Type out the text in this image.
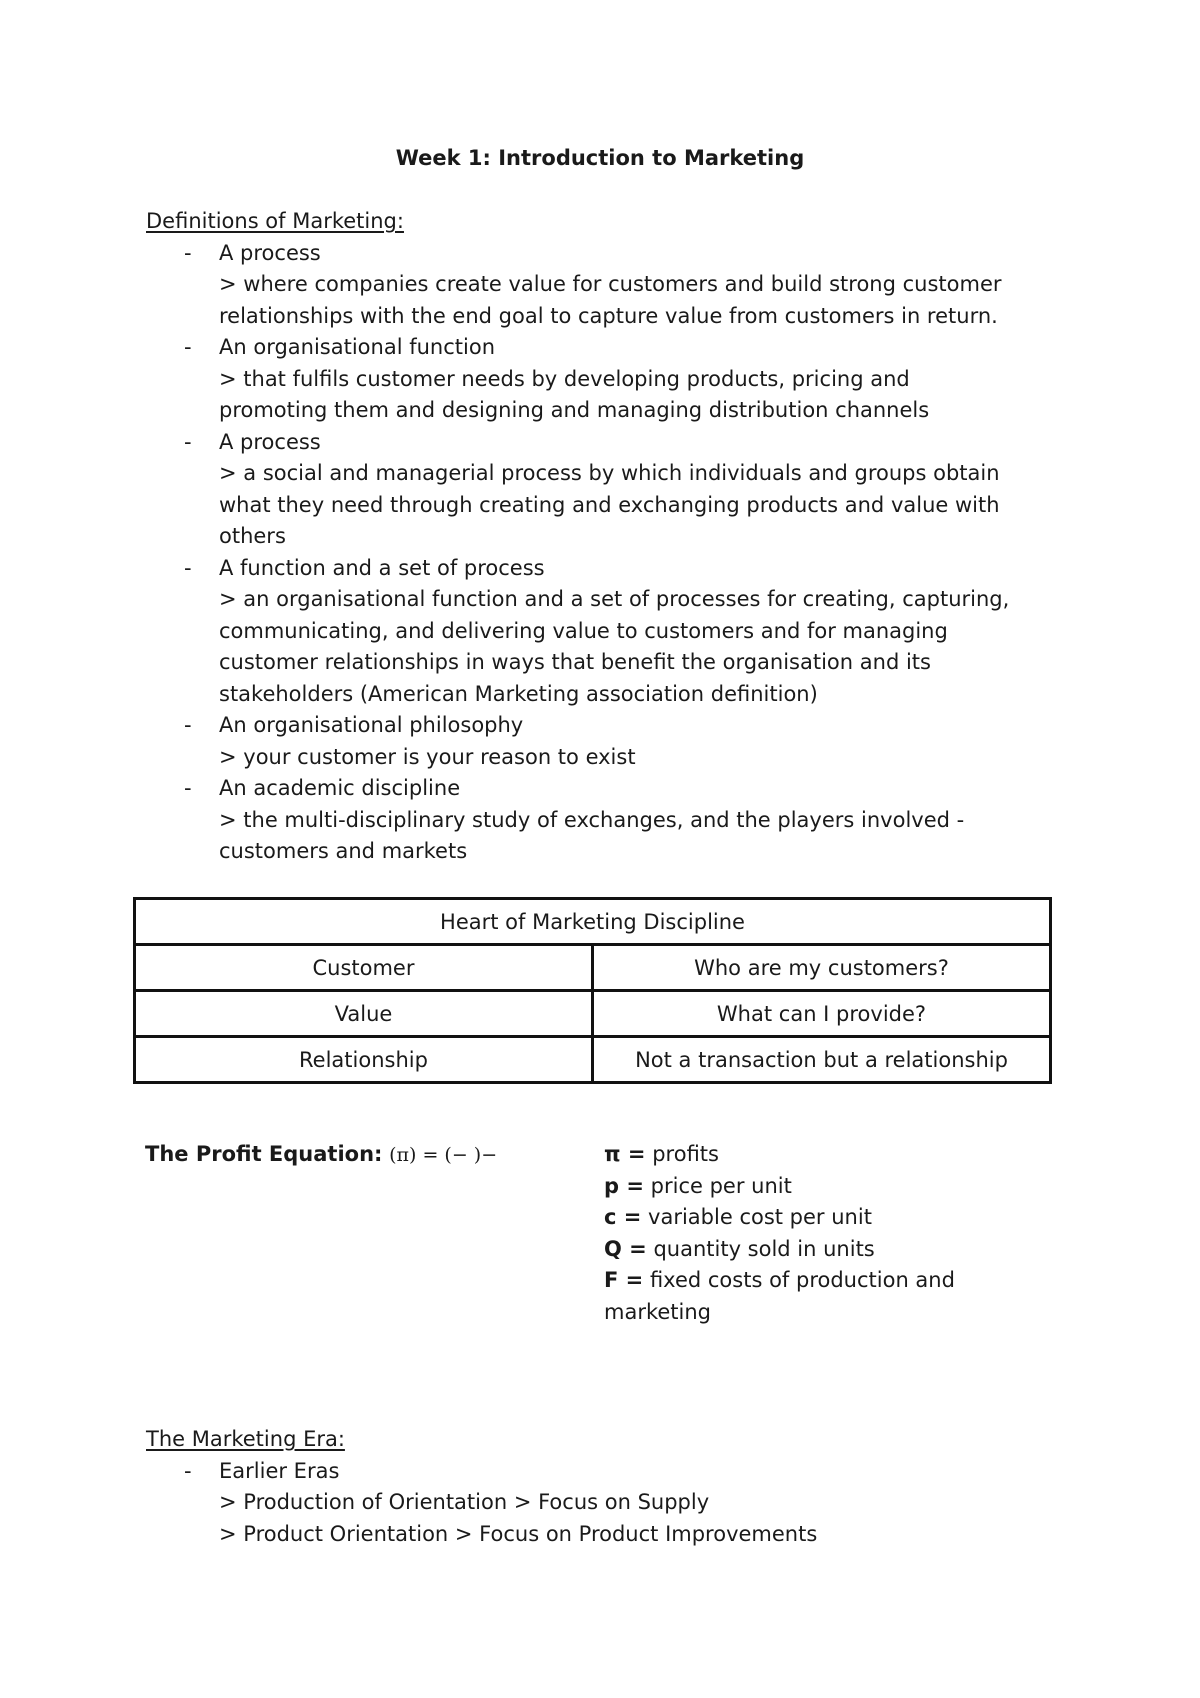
Week 1: Introduction to Marketing
Definitions of Marketing:
- A process
> where companies create value for customers and build strong customer
relationships with the end goal to capture value from customers in return.
- An organisational function
> that fulfils customer needs by developing products, pricing and
promoting them and designing and managing distribution channels
- A process
> a social and managerial process by which individuals and groups obtain
what they need through creating and exchanging products and value with
others
- A function and a set of process
> an organisational function and a set of processes for creating, capturing,
communicating, and delivering value to customers and for managing
customer relationships in ways that benefit the organisation and its
stakeholders (American Marketing association definition)
- An organisational philosophy
> your customer is your reason to exist
- An academic discipline
> the multi-disciplinary study of exchanges, and the players involved -
customers and markets
Heart of Marketing Discipline	
Customer	Who are my customers?
Value	What can I provide?
Relationship	Not a transaction but a relationship
The Profit Equation: (π) = (− )−	π = profits
p = price per unit
c = variable cost per unit
Q = quantity sold in units
F = fixed costs of production and marketing
The Marketing Era:
- Earlier Eras
> Production of Orientation > Focus on Supply
> Product Orientation > Focus on Product Improvements
